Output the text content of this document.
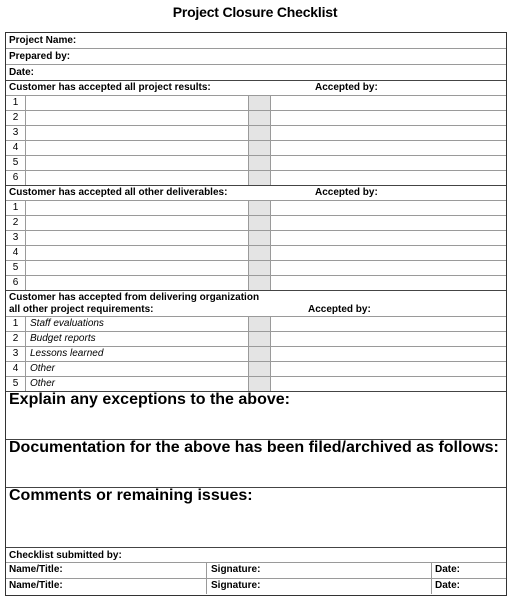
Project Closure Checklist
Project Name:
Prepared by:
Date:
Customer has accepted all project results:	Accepted by:
1
2
3
4
5
6
Customer has accepted all other deliverables:	Accepted by:
1
2
3
4
5
6
Customer has accepted from delivering organization
all other project requirements:	Accepted by:
1	Staff evaluations
2	Budget reports
3	Lessons learned
4	Other
5	Other
Explain any exceptions to the above:
Documentation for the above has been filed/archived as follows:
Comments or remaining issues:
Checklist submitted by:
Name/Title:	Signature:	Date:
Name/Title:	Signature:	Date:
